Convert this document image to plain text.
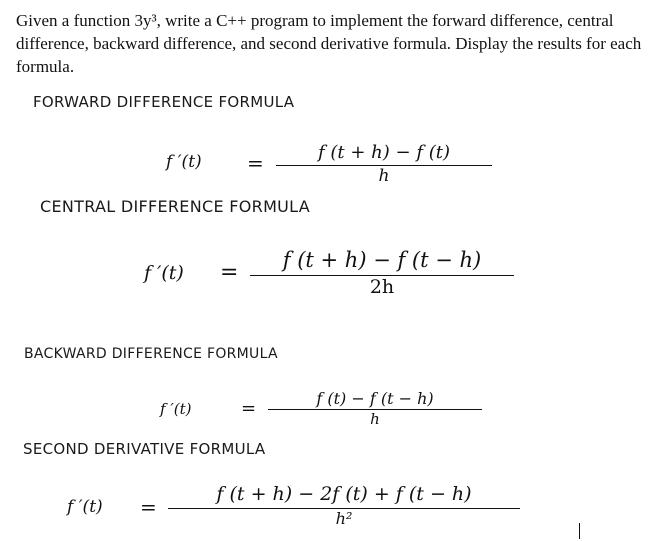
Given a function 3y³, write a C++ program to implement the forward difference, central difference, backward difference, and second derivative formula. Display the results for each formula.

FORWARD DIFFERENCE FORMULA
f ′(t) =	f (t + h) − f (t)
h
CENTRAL DIFFERENCE FORMULA
f ′(t) =	f (t + h) − f (t − h)
2h
BACKWARD DIFFERENCE FORMULA
f ′(t)	=	f (t) − f (t − h)
h
SECOND DERIVATIVE FORMULA
f ′(t) =
f (t + h) − 2f (t) + f (t − h)
h²
